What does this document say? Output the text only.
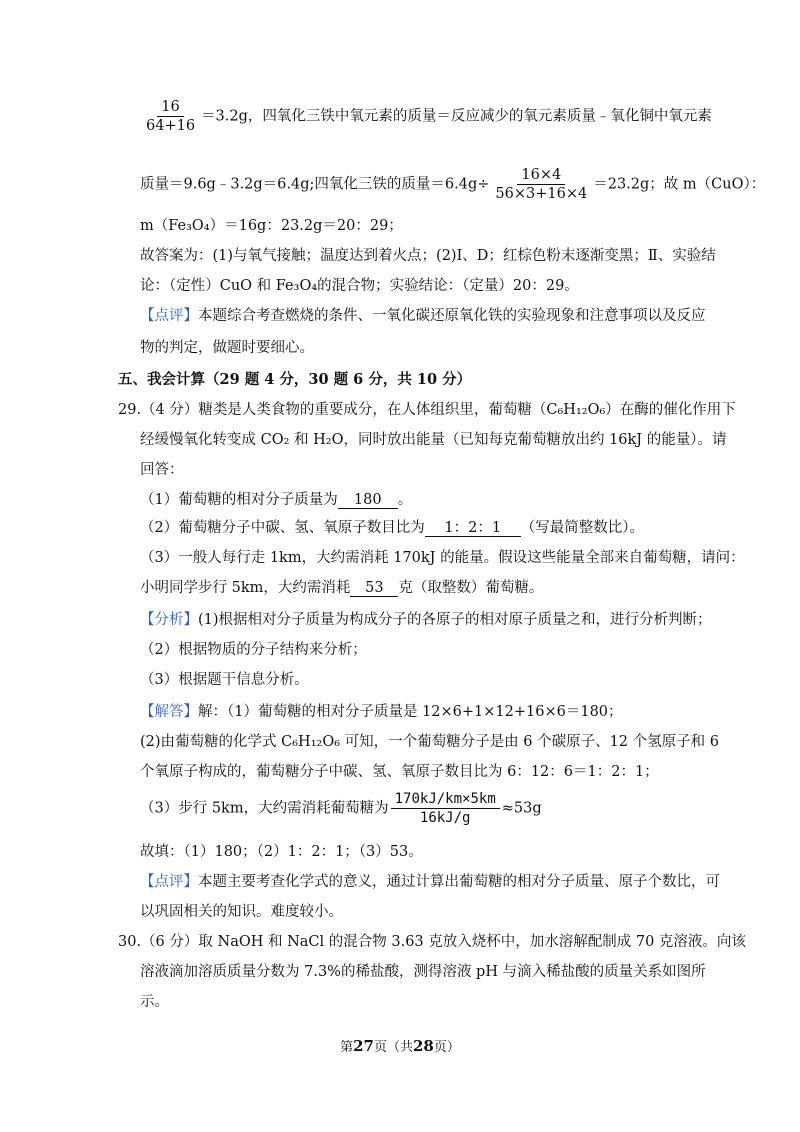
$\frac{16}{64+16} =3.2g$，四氧化三铁中氧元素的质量＝反应减少的氧元素质量﹣氧化铜中氧元素
质量＝9.6g﹣3.2g＝6.4g;四氧化三铁的质量$=6.4g\div \frac{16\times 4}{56\times 3+16\times 4} =23.2g$；故 m（CuO）：
m（Fe₃O₄）＝16g：23.2g＝20：29；
故答案为：(1)与氧气接触；温度达到着火点；(2)Ⅰ、D；红棕色粉末逐渐变黑；Ⅱ、实验结
论：（定性）CuO 和 Fe₃O₄的混合物；实验结论：（定量）20：29。
【点评】本题综合考查燃烧的条件、一氧化碳还原氧化铁的实验现象和注意事项以及反应
物的判定，做题时要细心。
五、我会计算（29 题 4 分，30 题 6 分，共 10 分）
29.（4 分）糖类是人类食物的重要成分，在人体组织里，葡萄糖（C₆H₁₂O₆）在酶的催化作用下
经缓慢氧化转变成 CO₂ 和 H₂O，同时放出能量（已知每克葡萄糖放出约 16kJ 的能量）。请
回答：
（1）葡萄糖的相对分子质量为 180 。
（2）葡萄糖分子中碳、氢、氧原子数目比为 1：2：1 （写最简整数比）。
（3）一般人每行走 1km，大约需消耗 170kJ 的能量。假设这些能量全部来自葡萄糖，请问：
小明同学步行 5km，大约需消耗 53 克（取整数）葡萄糖。
【分析】(1)根据相对分子质量为构成分子的各原子的相对原子质量之和，进行分析判断；
（2）根据物质的分子结构来分析；
（3）根据题干信息分析。
【解答】解：（1）葡萄糖的相对分子质量是 12×6+1×12+16×6＝180；
(2)由葡萄糖的化学式 C₆H₁₂O₆ 可知，一个葡萄糖分子是由 6 个碳原子、12 个氢原子和 6
个氧原子构成的，葡萄糖分子中碳、氢、氧原子数目比为 6：12：6＝1：2：1；
（3）步行 5km，大约需消耗葡萄糖为 $\frac{170kJ/km\times 5km}{16kJ/g} \approx 53g$
故填：（1）180；（2）1：2：1；（3）53。
【点评】本题主要考查化学式的意义，通过计算出葡萄糖的相对分子质量、原子个数比，可
以巩固相关的知识。难度较小。
30.（6 分）取 NaOH 和 NaCl 的混合物 3.63 克放入烧杯中，加水溶解配制成 70 克溶液。向该
溶液滴加溶质质量分数为 7.3%的稀盐酸，测得溶液 pH 与滴入稀盐酸的质量关系如图所
示。
第27页（共28页）
